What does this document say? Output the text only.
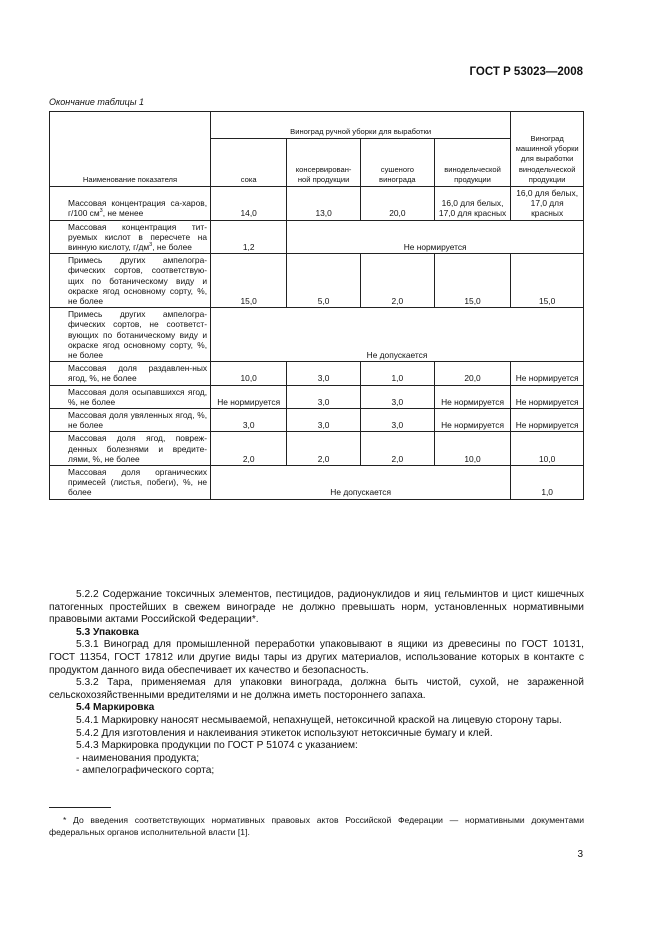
ГОСТ Р 53023—2008
Окончание таблицы 1
Наименование показателя	Виноград ручной уборки для выработки				Виноград машинной уборки для выработки винодельческой продукции
	сока	консервирован-ной продукции	сушеного винограда	винодельческой продукции	

Массовая концентрация са-харов, г/100 $см^3$, не менее	14,0	13,0	20,0	16,0 для белых, 17,0 для красных	16,0 для белых, 17,0 для красных

Массовая концентрация тит-руемых кислот в пересчете на винную кислоту, $г/дм^3$, не более	1,2	Не нормируется			

Примесь других ампелогра-фических сортов, соответствую-щих по ботаническому виду и окраске ягод основному сорту, %, не более	15,0	5,0	2,0	15,0	15,0

Примесь других ампелогра-фических сортов, не соответст-вующих по ботаническому виду и окраске ягод основному сорту, %, не более	Не допускается				

Массовая доля раздавлен-ных ягод, %, не более	10,0	3,0	1,0	20,0	Не нормируется

Массовая доля осыпавшихся ягод, %, не более	Не нормируется	3,0	3,0	Не нормируется	Не нормируется

Массовая доля увяленных ягод, %, не более	3,0	3,0	3,0	Не нормируется	Не нормируется

Массовая доля ягод, повреж-денных болезнями и вредите-лями, %, не более	2,0	2,0	2,0	10,0	10,0

Массовая доля органических примесей (листья, побеги), %, не более	Не допускается				1,0

5.2.2 Содержание токсичных элементов, пестицидов, радионуклидов и яиц гельминтов и цист кишечных патогенных простейших в свежем винограде не должно превышать норм, установленных нормативными правовыми актами Российской Федерации*.

5.3 Упаковка

5.3.1 Виноград для промышленной переработки упаковывают в ящики из древесины по ГОСТ 10131, ГОСТ 11354, ГОСТ 17812 или другие виды тары из других материалов, использование которых в контакте с продуктом данного вида обеспечивает их качество и безопасность.

5.3.2 Тара, применяемая для упаковки винограда, должна быть чистой, сухой, не зараженной сельскохозяйственными вредителями и не должна иметь постороннего запаха.

5.4 Маркировка

5.4.1 Маркировку наносят несмываемой, непахнущей, нетоксичной краской на лицевую сторону тары.

5.4.2 Для изготовления и наклеивания этикеток используют нетоксичные бумагу и клей.

5.4.3 Маркировка продукции по ГОСТ Р 51074 с указанием:

- наименования продукта;
- ампелографического сорта;
* До введения соответствующих нормативных правовых актов Российской Федерации — нормативными документами федеральных органов исполнительной власти [1].
3
